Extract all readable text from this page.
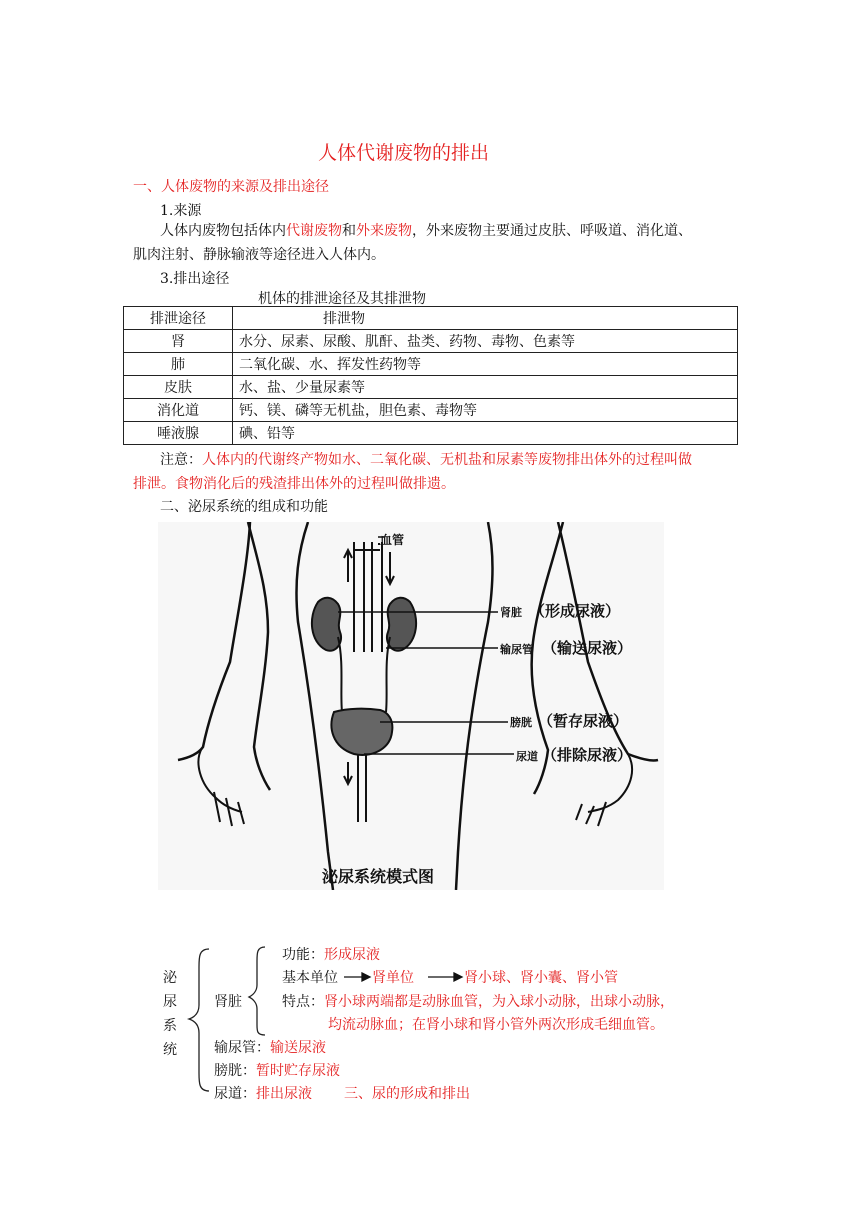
人体代谢废物的排出
一、人体废物的来源及排出途径
1.来源
人体内废物包括体内代谢废物和外来废物，外来废物主要通过皮肤、呼吸道、消化道、
肌肉注射、静脉输液等途径进入人体内。
3.排出途径
机体的排泄途径及其排泄物
排泄途径	排泄物
肾	水分、尿素、尿酸、肌酐、盐类、药物、毒物、色素等
肺	二氧化碳、水、挥发性药物等
皮肤	水、盐、少量尿素等
消化道	钙、镁、磷等无机盐，胆色素、毒物等
唾液腺	碘、铅等
注意：人体内的代谢终产物如水、二氧化碳、无机盐和尿素等废物排出体外的过程叫做
排泄。食物消化后的残渣排出体外的过程叫做排遗。
二、泌尿系统的组成和功能
血管
肾脏 （形成尿液）
输尿管 （输送尿液）
膀胱 （暂存尿液）
尿道 （排除尿液）
泌尿系统模式图
泌
尿
系
统
肾脏
功能：形成尿液
基本单位 肾单位	肾小球、肾小囊、肾小管
特点：肾小球两端都是动脉血管，为入球小动脉，出球小动脉，
均流动脉血；在肾小球和肾小管外两次形成毛细血管。
输尿管：输送尿液
膀胱：暂时贮存尿液
尿道：排出尿液 三、尿的形成和排出
